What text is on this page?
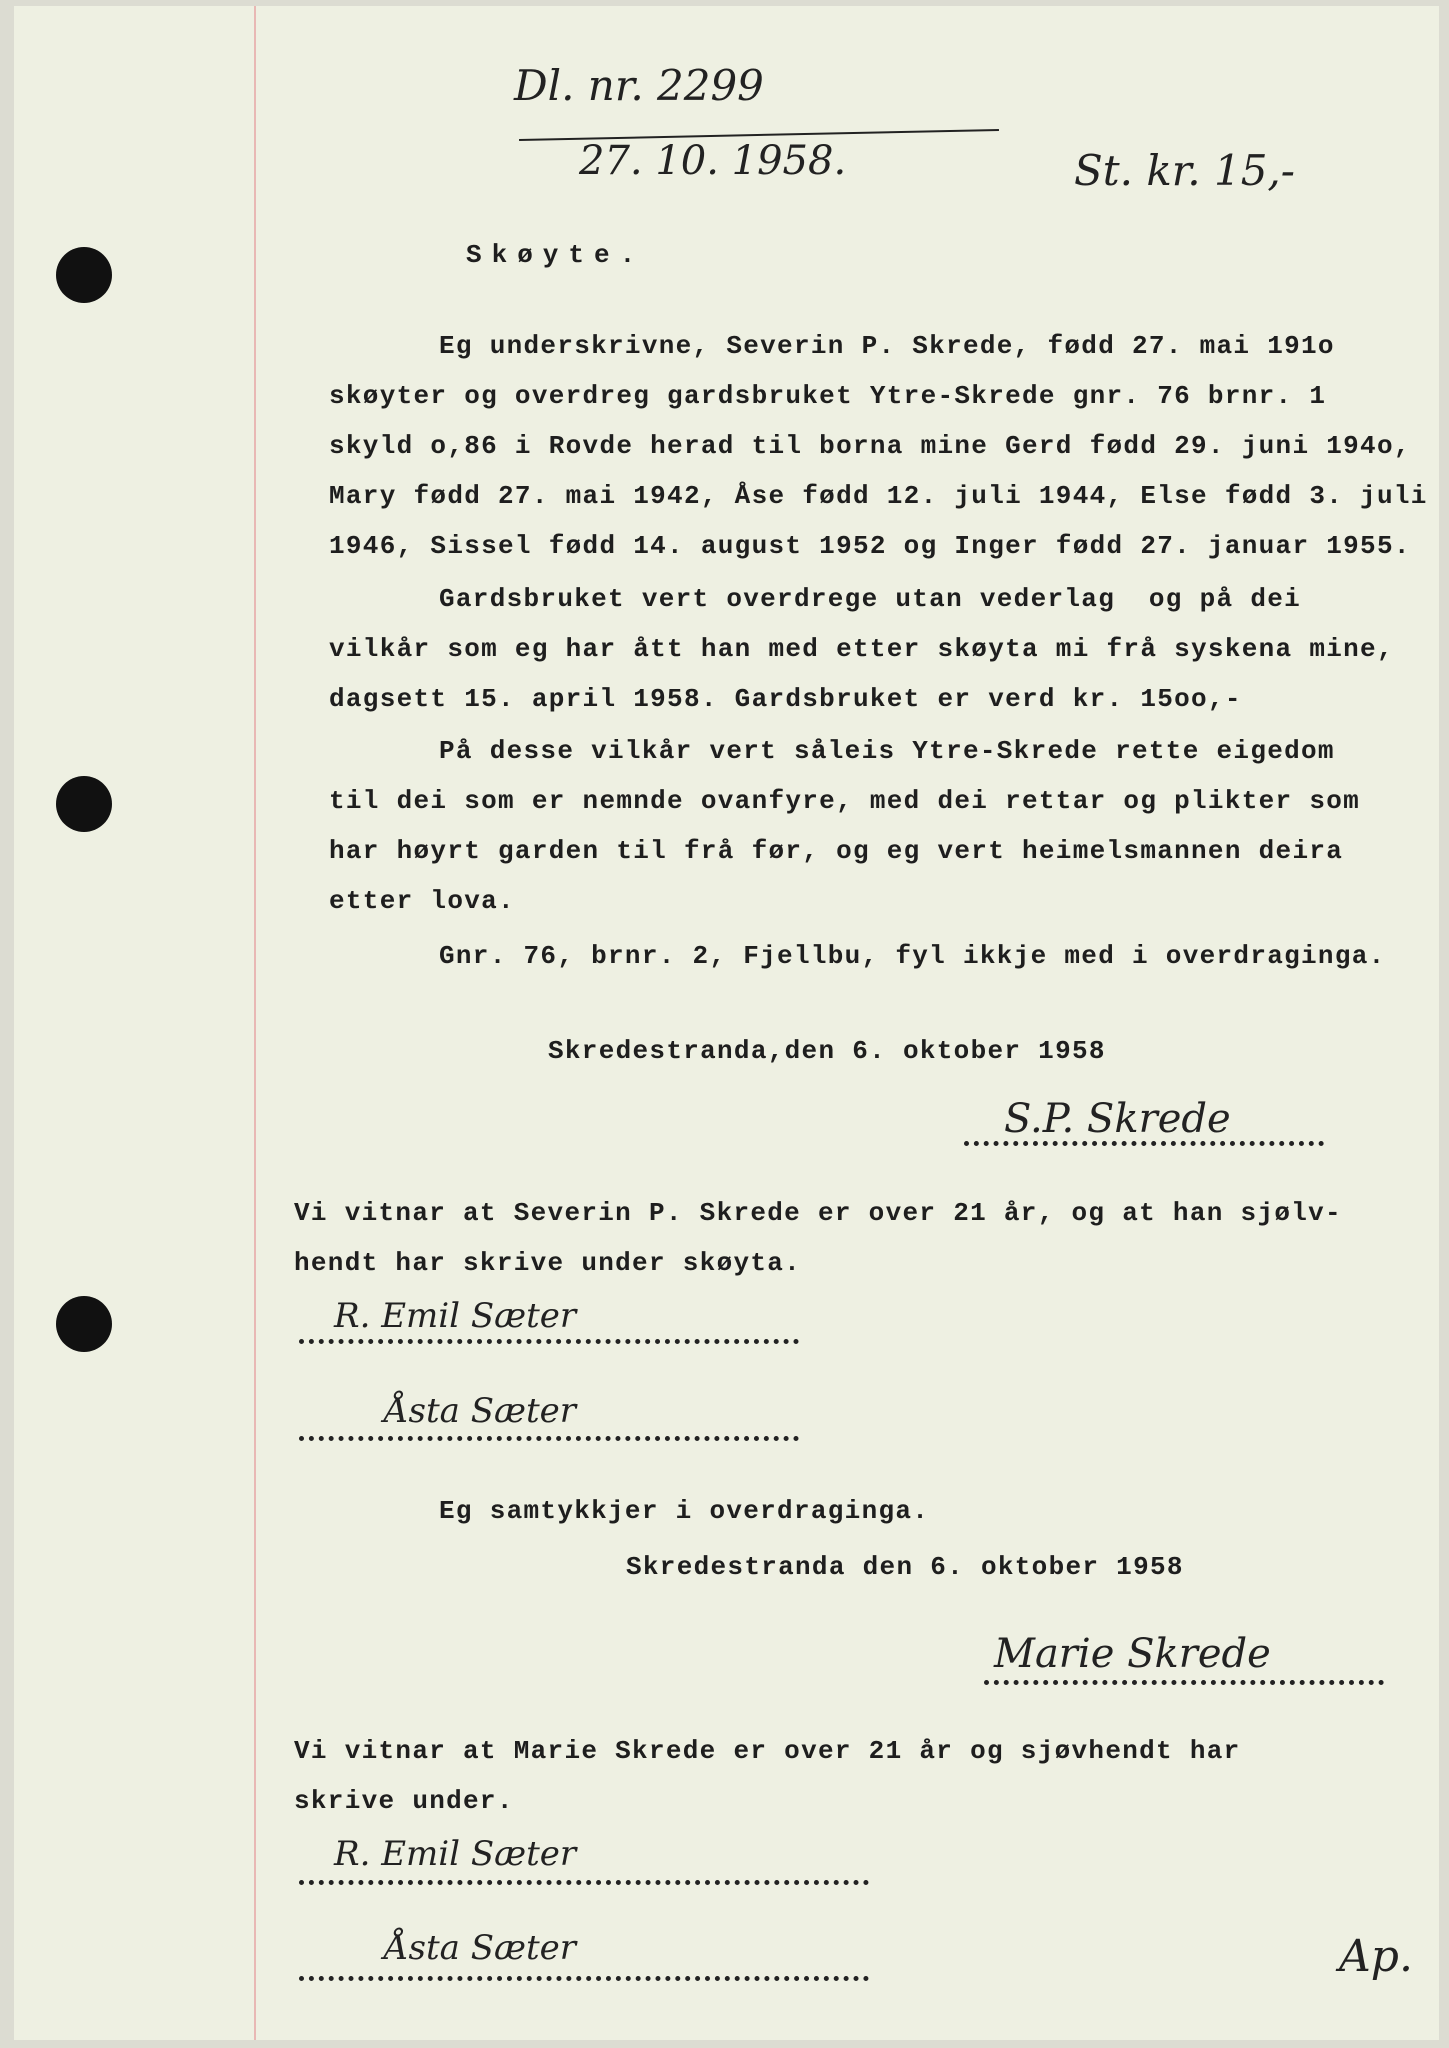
Dl. nr. 2299
27. 10. 1958.	St. kr. 15,-
Skøyte.
Eg underskrivne, Severin P. Skrede, fødd 27. mai 191o
skøyter og overdreg gardsbruket Ytre-Skrede gnr. 76 brnr. 1
skyld o,86 i Rovde herad til borna mine Gerd fødd 29. juni 194o,
Mary fødd 27. mai 1942, Åse fødd 12. juli 1944, Else fødd 3. juli
1946, Sissel fødd 14. august 1952 og Inger fødd 27. januar 1955.
Gardsbruket vert overdrege utan vederlag  og på dei
vilkår som eg har ått han med etter skøyta mi frå syskena mine,
dagsett 15. april 1958. Gardsbruket er verd kr. 15oo,-
På desse vilkår vert såleis Ytre-Skrede rette eigedom
til dei som er nemnde ovanfyre, med dei rettar og plikter som
har høyrt garden til frå før, og eg vert heimelsmannen deira
etter lova.
Gnr. 76, brnr. 2, Fjellbu, fyl ikkje med i overdraginga.
Skredestranda,den 6. oktober 1958
S.P. Skrede
Vi vitnar at Severin P. Skrede er over 21 år, og at han sjølv-
hendt har skrive under skøyta.
R. Emil Sæter
Åsta Sæter
Eg samtykkjer i overdraginga.
Skredestranda den 6. oktober 1958
Marie Skrede
Vi vitnar at Marie Skrede er over 21 år og sjøvhendt har
skrive under.
R. Emil Sæter
Åsta Sæter	Ap.
